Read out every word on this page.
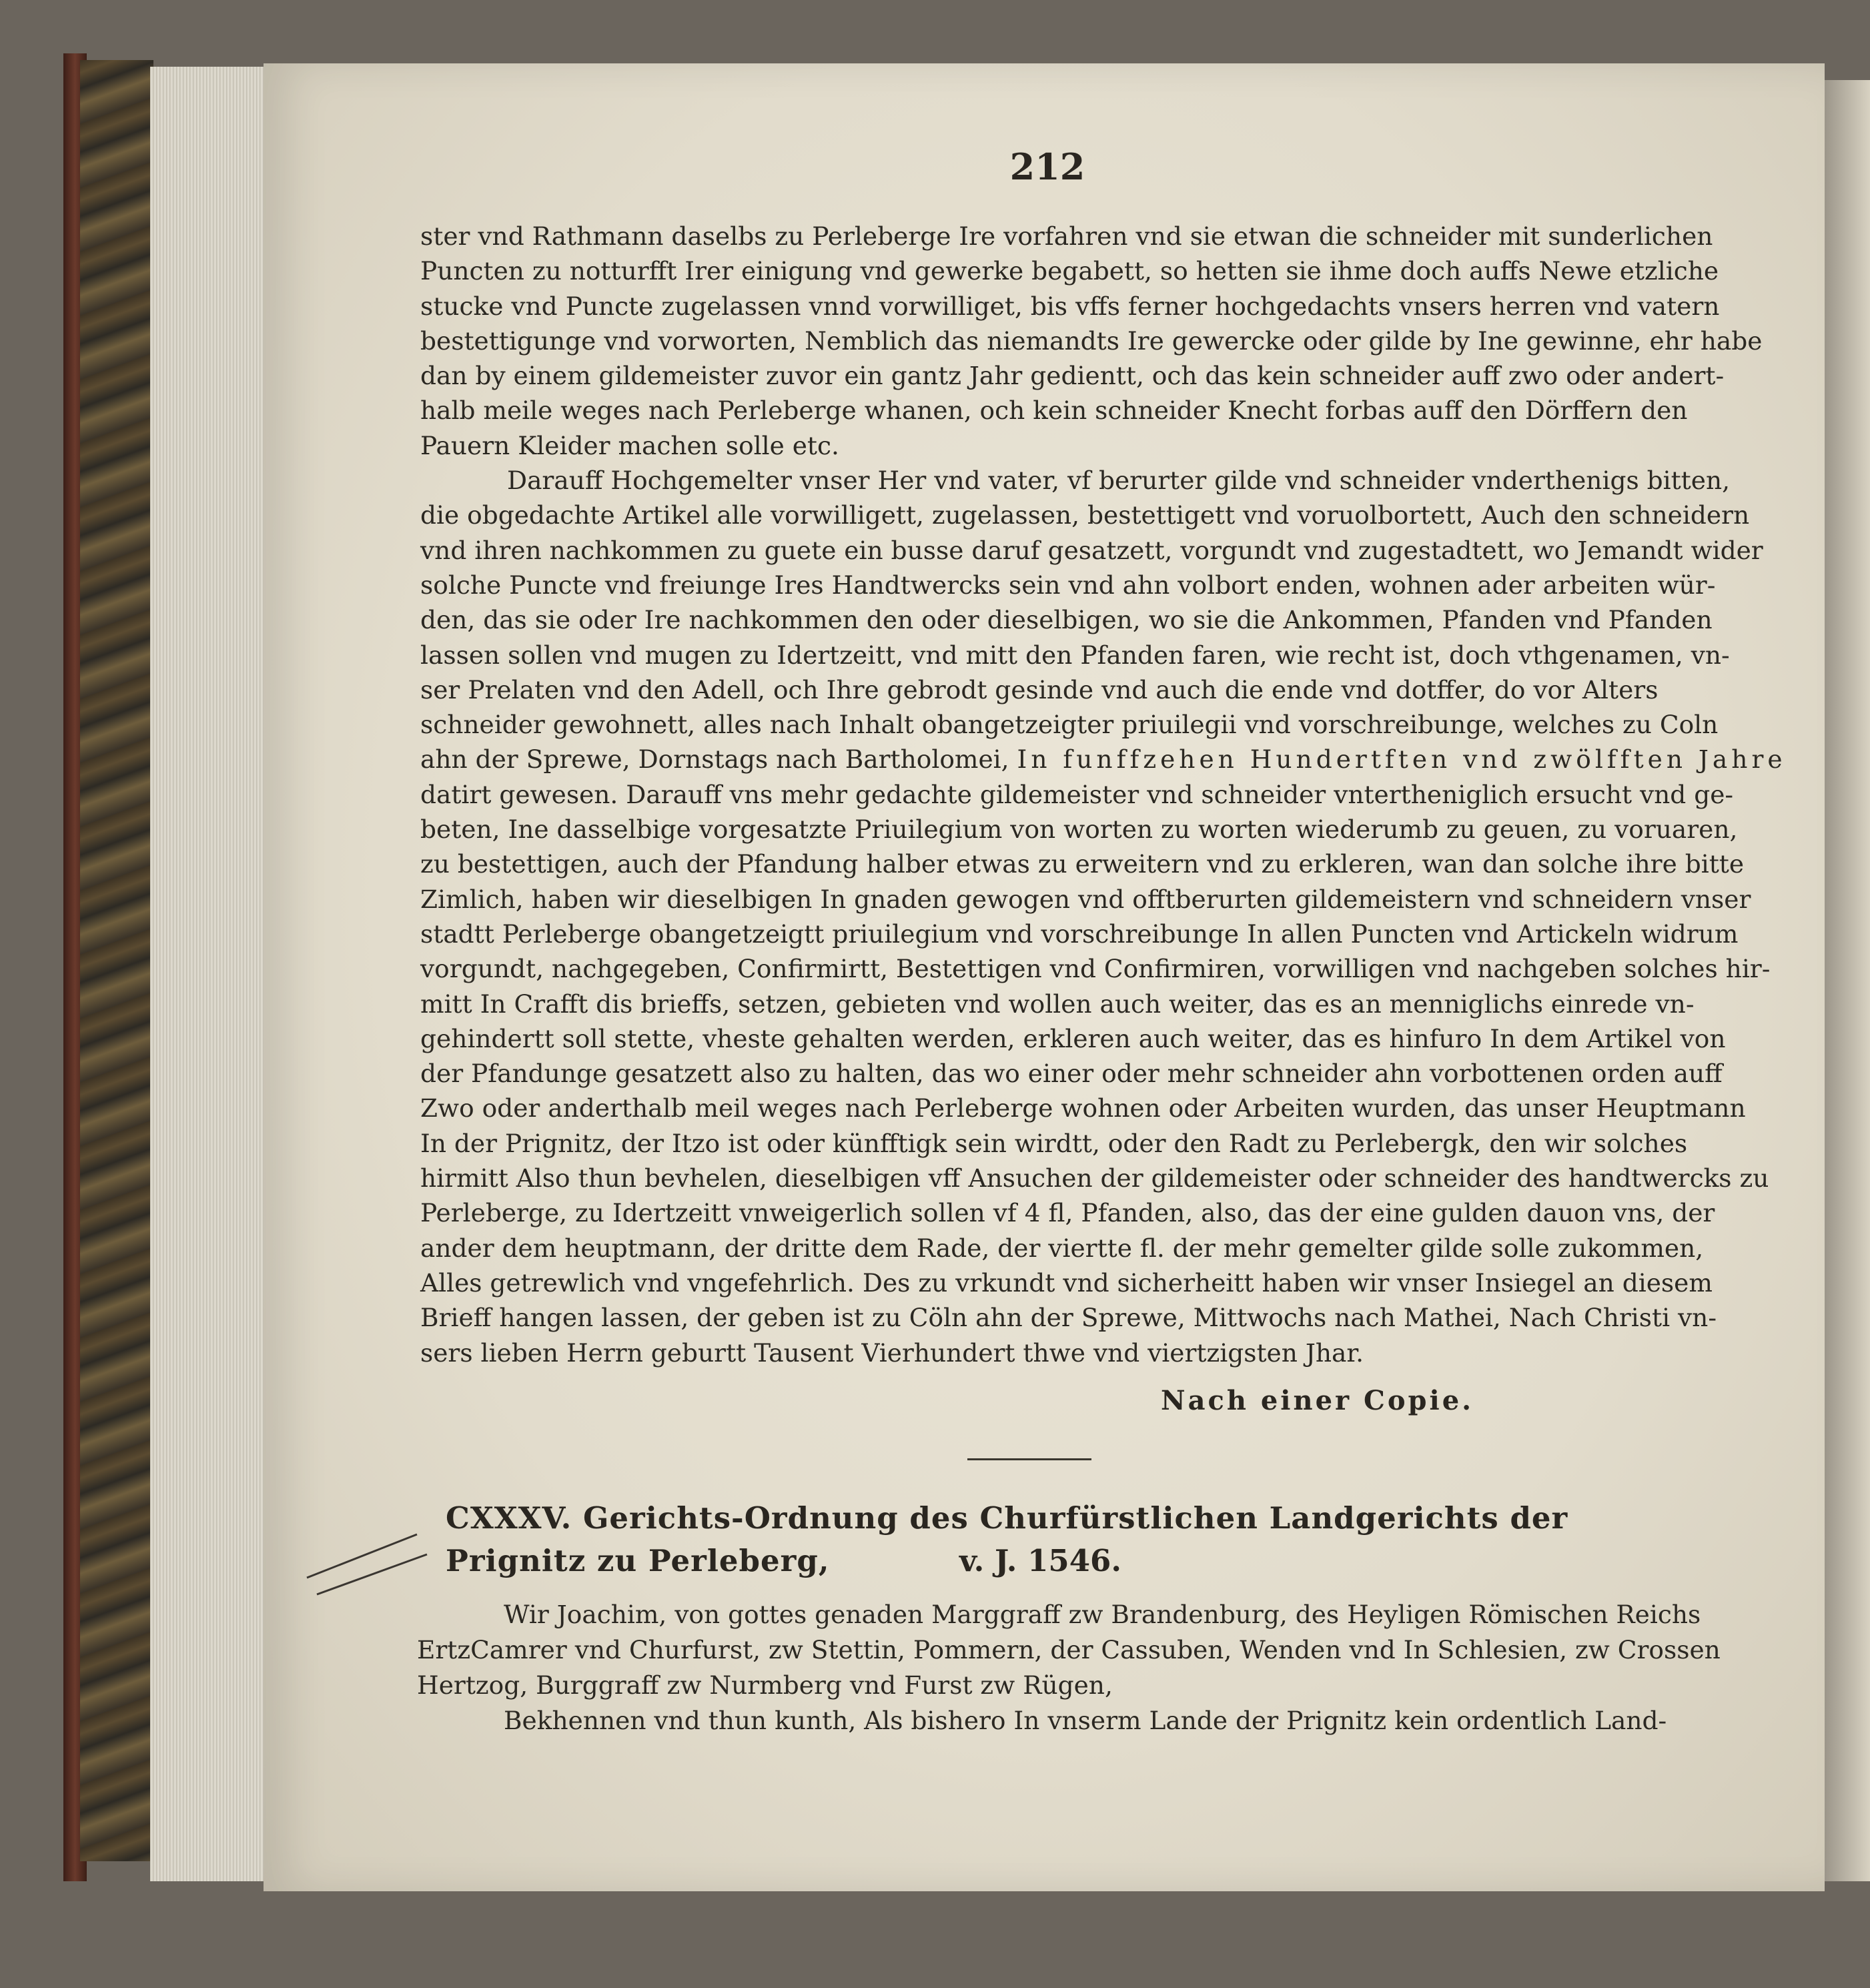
212
ster vnd Rathmann daselbs zu Perleberge Ire vorfahren vnd sie etwan die schneider mit sunderlichen
Puncten zu notturfft Irer einigung vnd gewerke begabett, so hetten sie ihme doch auffs Newe etzliche
stucke vnd Puncte zugelassen vnnd vorwilliget, bis vffs ferner hochgedachts vnsers herren vnd vatern
bestettigunge vnd vorworten, Nemblich das niemandts Ire gewercke oder gilde by Ine gewinne, ehr habe
dan by einem gildemeister zuvor ein gantz Jahr gedientt, och das kein schneider auff zwo oder andert-
halb meile weges nach Perleberge whanen, och kein schneider Knecht forbas auff den Dörffern den
Pauern Kleider machen solle etc.
Darauff Hochgemelter vnser Her vnd vater, vf berurter gilde vnd schneider vnderthenigs bitten,
die obgedachte Artikel alle vorwilligett, zugelassen, bestettigett vnd voruolbortett, Auch den schneidern
vnd ihren nachkommen zu guete ein busse daruf gesatzett, vorgundt vnd zugestadtett, wo Jemandt wider
solche Puncte vnd freiunge Ires Handtwercks sein vnd ahn volbort enden, wohnen ader arbeiten wür-
den, das sie oder Ire nachkommen den oder dieselbigen, wo sie die Ankommen, Pfanden vnd Pfanden
lassen sollen vnd mugen zu Idertzeitt, vnd mitt den Pfanden faren, wie recht ist, doch vthgenamen, vn-
ser Prelaten vnd den Adell, och Ihre gebrodt gesinde vnd auch die ende vnd dotffer, do vor Alters
schneider gewohnett, alles nach Inhalt obangetzeigter priuilegii vnd vorschreibunge, welches zu Coln
ahn der Sprewe, Dornstags nach Bartholomei, In funffzehen Hundertften vnd zwölfften Jahre
datirt gewesen. Darauff vns mehr gedachte gildemeister vnd schneider vntertheniglich ersucht vnd ge-
beten, Ine dasselbige vorgesatzte Priuilegium von worten zu worten wiederumb zu geuen, zu voruaren,
zu bestettigen, auch der Pfandung halber etwas zu erweitern vnd zu erkleren, wan dan solche ihre bitte
Zimlich, haben wir dieselbigen In gnaden gewogen vnd offtberurten gildemeistern vnd schneidern vnser
stadtt Perleberge obangetzeigtt priuilegium vnd vorschreibunge In allen Puncten vnd Artickeln widrum
vorgundt, nachgegeben, Confirmirtt, Bestettigen vnd Confirmiren, vorwilligen vnd nachgeben solches hir-
mitt In Crafft dis brieffs, setzen, gebieten vnd wollen auch weiter, das es an menniglichs einrede vn-
gehindertt soll stette, vheste gehalten werden, erkleren auch weiter, das es hinfuro In dem Artikel von
der Pfandunge gesatzett also zu halten, das wo einer oder mehr schneider ahn vorbottenen orden auff
Zwo oder anderthalb meil weges nach Perleberge wohnen oder Arbeiten wurden, das unser Heuptmann
In der Prignitz, der Itzo ist oder künfftigk sein wirdtt, oder den Radt zu Perlebergk, den wir solches
hirmitt Also thun bevhelen, dieselbigen vff Ansuchen der gildemeister oder schneider des handtwercks zu
Perleberge, zu Idertzeitt vnweigerlich sollen vf 4 fl, Pfanden, also, das der eine gulden dauon vns, der
ander dem heuptmann, der dritte dem Rade, der viertte fl. der mehr gemelter gilde solle zukommen,
Alles getrewlich vnd vngefehrlich. Des zu vrkundt vnd sicherheitt haben wir vnser Insiegel an diesem
Brieff hangen lassen, der geben ist zu Cöln ahn der Sprewe, Mittwochs nach Mathei, Nach Christi vn-
sers lieben Herrn geburtt Tausent Vierhundert thwe vnd viertzigsten Jhar.
Nach einer Copie.
CXXXV. Gerichts-Ordnung des Churfürstlichen Landgerichts der Prignitz zu Perleberg,	v. J. 1546.
Wir Joachim, von gottes genaden Marggraff zw Brandenburg, des Heyligen Römischen Reichs
ErtzCamrer vnd Churfurst, zw Stettin, Pommern, der Cassuben, Wenden vnd In Schlesien, zw Crossen
Hertzog, Burggraff zw Nurmberg vnd Furst zw Rügen,
Bekhennen vnd thun kunth, Als bishero In vnserm Lande der Prignitz kein ordentlich Land-
